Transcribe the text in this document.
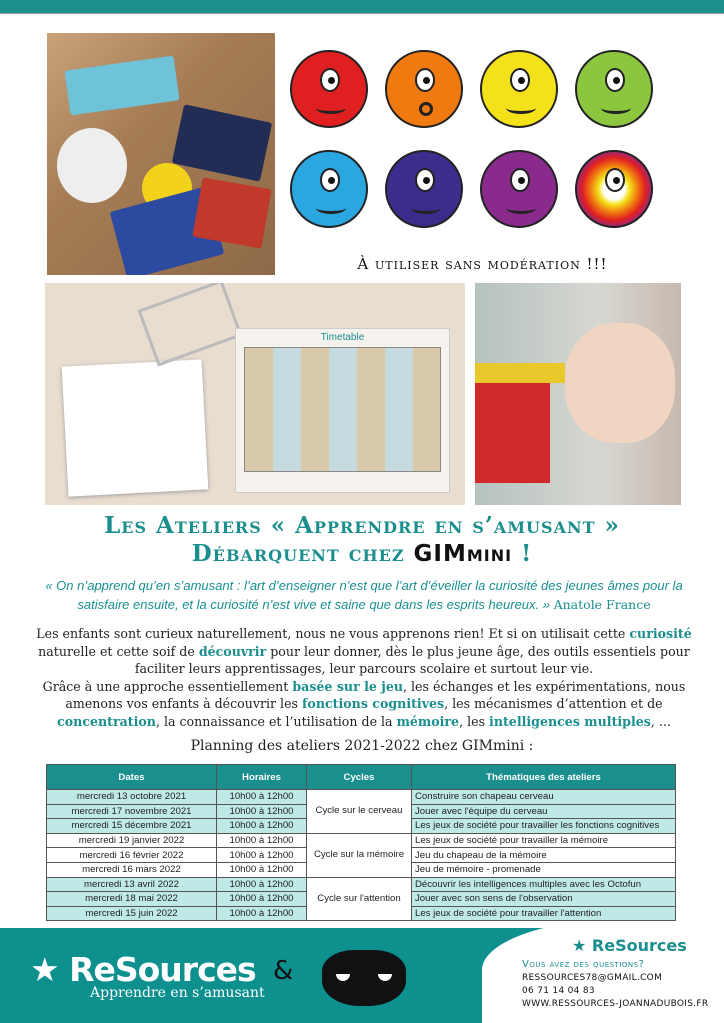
À utiliser sans modération !!!
Timetable
Les Ateliers « Apprendre en s’amusant »
Débarquent chez GIMmini !
« On n’apprend qu’en s’amusant : l’art d’enseigner n’est que l’art d’éveiller la curiosité des jeunes âmes pour la satisfaire ensuite, et la curiosité n’est vive et saine que dans les esprits heureux. » Anatole France
Les enfants sont curieux naturellement, nous ne vous apprenons rien! Et si on utilisait cette curiosité naturelle et cette soif de découvrir pour leur donner, dès le plus jeune âge, des outils essentiels pour faciliter leurs apprentissages, leur parcours scolaire et surtout leur vie.
Grâce à une approche essentiellement basée sur le jeu, les échanges et les expérimentations, nous amenons vos enfants à découvrir les fonctions cognitives, les mécanismes d’attention et de concentration, la connaissance et l’utilisation de la mémoire, les intelligences multiples, ...
Planning des ateliers 2021-2022 chez GIMmini :
Dates	Horaires	Cycles	Thématiques des ateliers
mercredi 13 octobre 2021	10h00 à 12h00	Cycle sur le cerveau	Construire son chapeau cerveau
mercredi 17 novembre 2021	10h00 à 12h00		Jouer avec l'équipe du cerveau
mercredi 15 décembre 2021	10h00 à 12h00		Les jeux de société pour travailler les fonctions cognitives
mercredi 19 janvier 2022	10h00 à 12h00	Cycle sur la mémoire	Les jeux de société pour travailler la mémoire
mercredi 16 février 2022	10h00 à 12h00		Jeu du chapeau de la mémoire
mercredi 16 mars 2022	10h00 à 12h00		Jeu de mémoire - promenade
mercredi 13 avril 2022	10h00 à 12h00	Cycle sur l'attention	Découvrir les intelligences multiples avec les Octofun
mercredi 18 mai 2022	10h00 à 12h00		Jouer avec son sens de l'observation
mercredi 15 juin 2022	10h00 à 12h00		Les jeux de société pour travailler l'attention
★ ReSources
Apprendre en s’amusant
&
★ ReSources
Vous avez des questions?
RESSOURCES78@GMAIL.COM
06 71 14 04 83
WWW.RESSOURCES-JOANNADUBOIS.FR
